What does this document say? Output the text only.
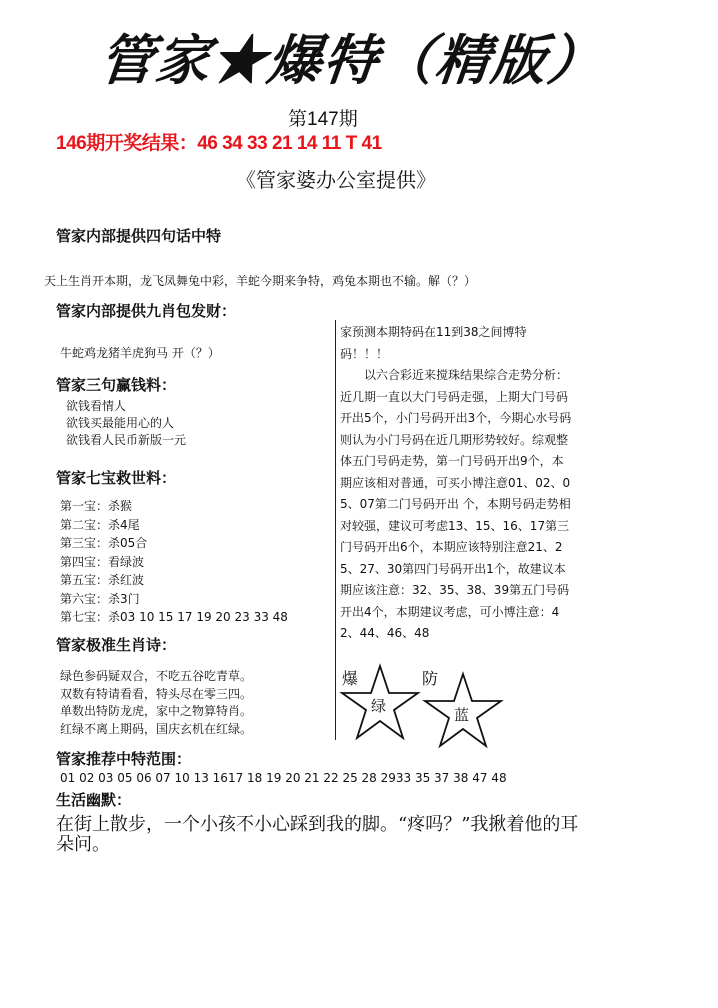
管家★爆特（精版）
第147期
146期开奖结果：46 34 33 21 14 11 T 41
《管家婆办公室提供》
管家内部提供四句话中特
天上生肖开本期，龙飞凤舞兔中彩，羊蛇今期来争特，鸡兔本期也不输。解（？）
管家内部提供九肖包发财：
牛蛇鸡龙猪羊虎狗马 开（？）
管家三句赢钱料：
欲钱看情人
欲钱买最能用心的人
欲钱看人民币新版一元
管家七宝救世料：
第一宝：杀猴
第二宝：杀4尾
第三宝：杀05合
第四宝：看绿波
第五宝：杀红波
第六宝：杀3门
第七宝：杀03 10 15 17 19 20 23 33 48
管家极准生肖诗：
绿色参码疑双合，不吃五谷吃青草。
双数有特请看看，特头尽在零三四。
单数出特防龙虎，家中之物算特肖。
红绿不离上期码，国庆玄机在红绿。
管家推荐中特范围：
01 02 03 05 06 07 10 13 1617 18 19 20 21 22 25 28 2933 35 37 38 47 48
生活幽默：
在街上散步，一个小孩不小心踩到我的脚。“疼吗？”我揪着他的耳朵问。

家预测本期特码在11到38之间博特码！！！

以六合彩近来搅珠结果综合走势分析：近几期一直以大门号码走强，上期大门号码开出5个，小门号码开出3个，今期心水号码则认为小门号码在近几期形势较好。综观整体五门号码走势，第一门号码开出9个，本期应该相对普通，可买小博注意01、02、05、07第二门号码开出 个，本期号码走势相对较强，建议可考虑13、15、16、17第三门号码开出6个，本期应该特别注意21、25、27、30第四门号码开出1个，故建议本期应该注意：32、35、38、39第五门号码开出4个，本期建议考虑，可小博注意：42、44、46、48

爆	防
绿	蓝
